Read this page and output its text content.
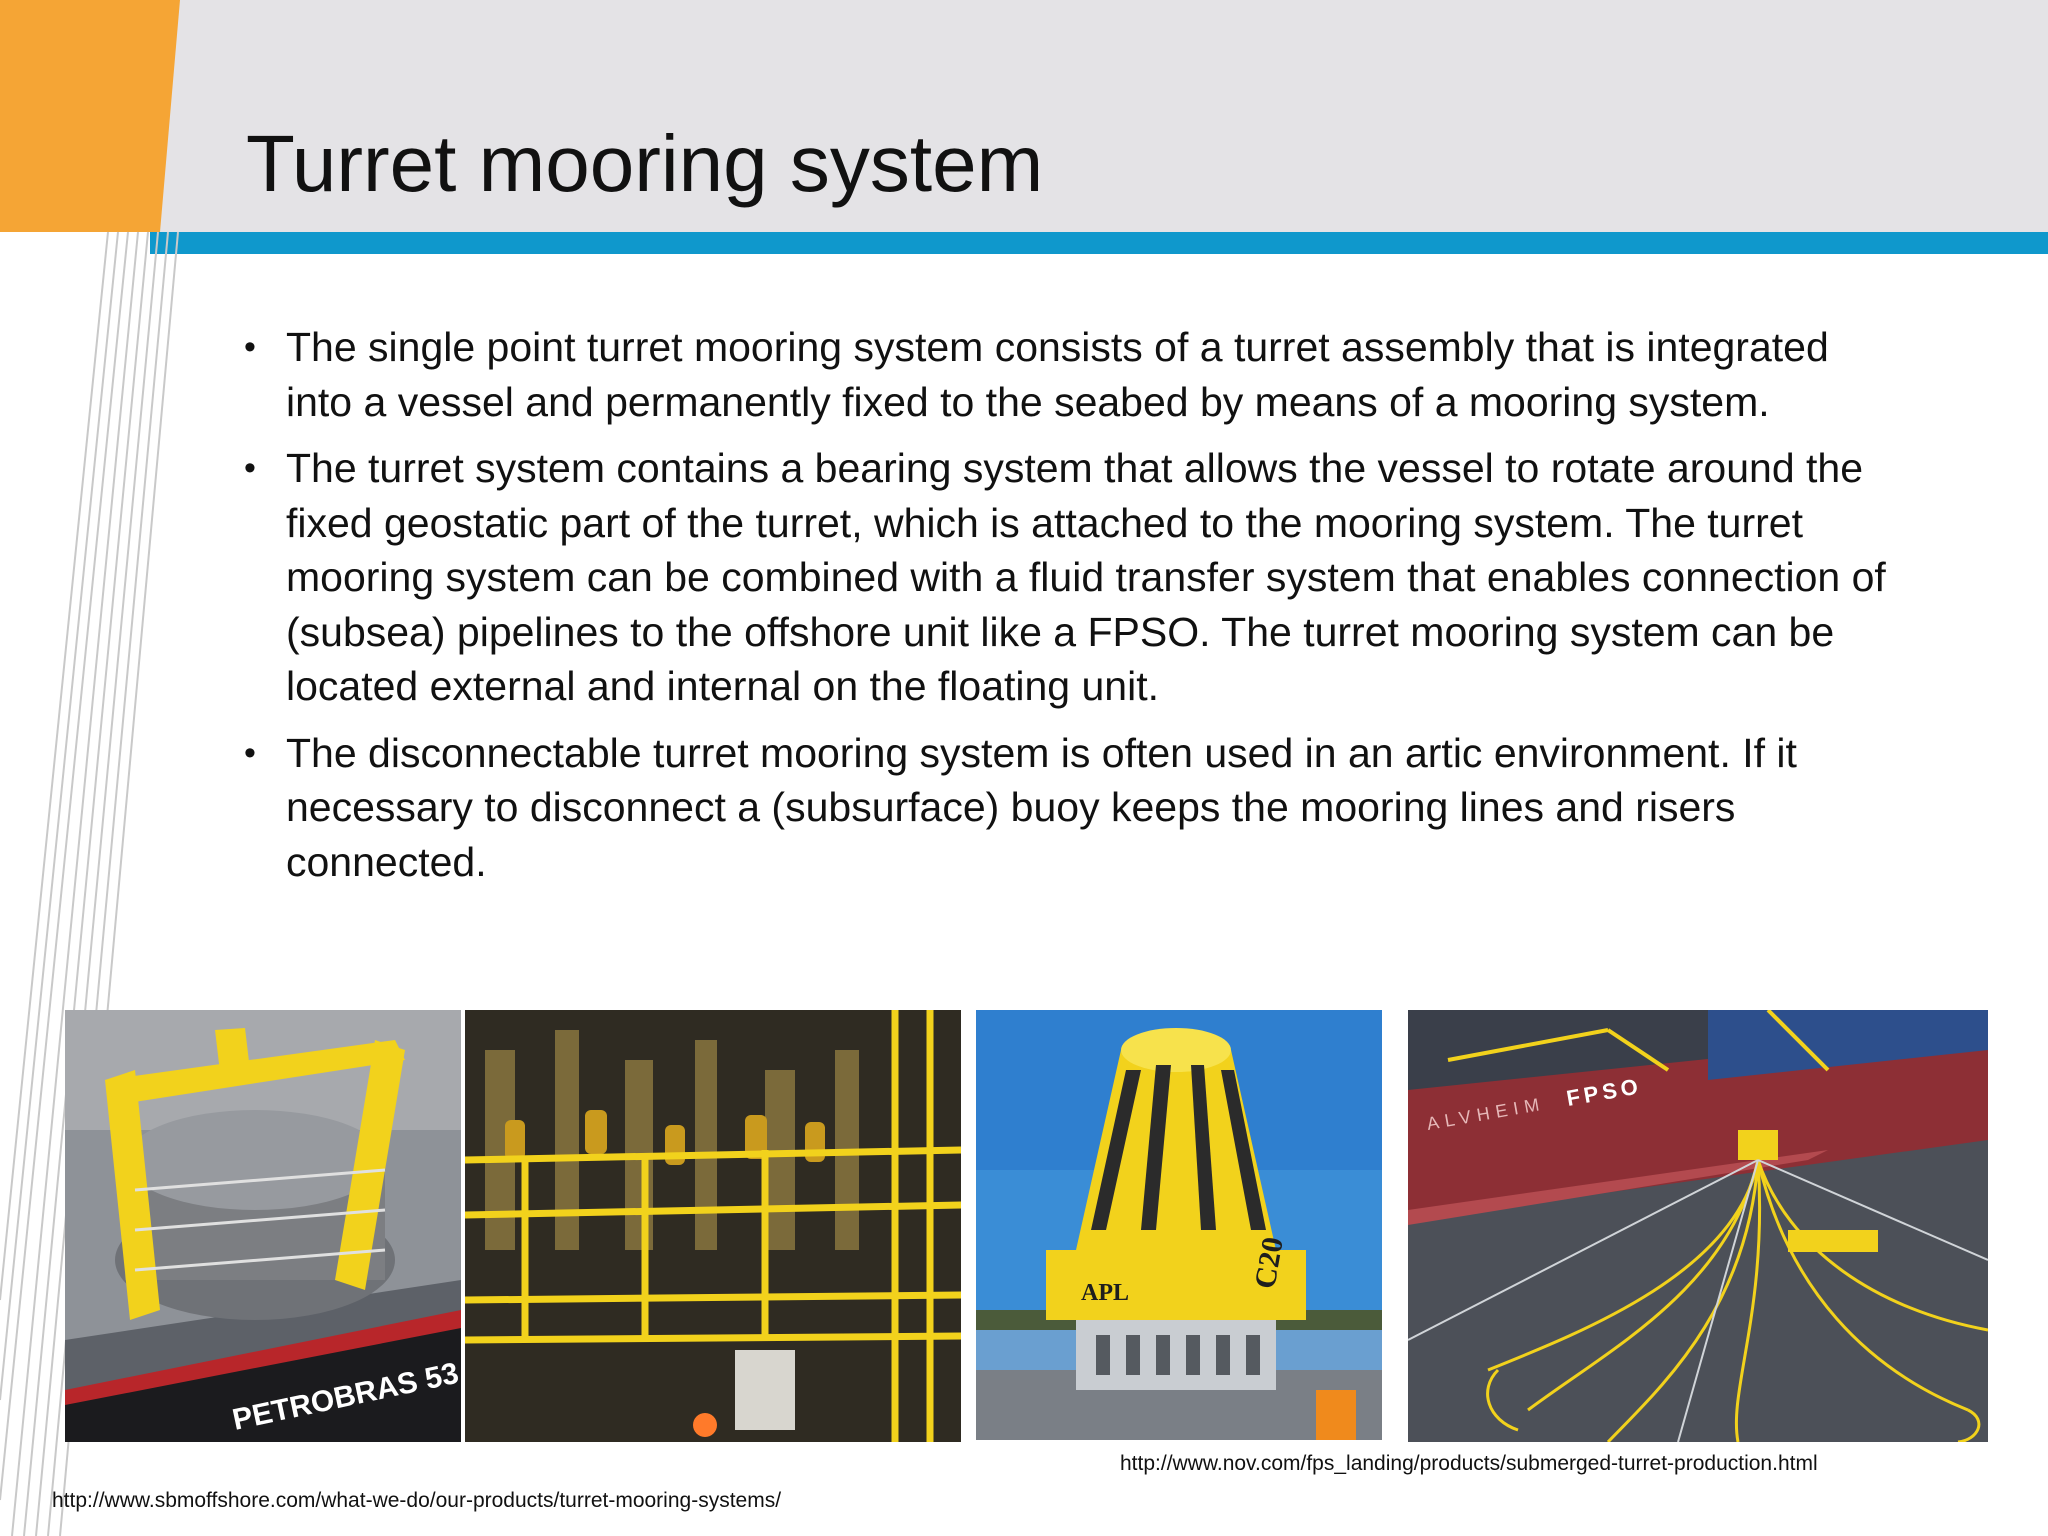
Turret mooring system
• The single point turret mooring system consists of a turret assembly that is integrated into a vessel and permanently fixed to the seabed by means of a mooring system.
• The turret system contains a bearing system that allows the vessel to rotate around the fixed geostatic part of the turret, which is attached to the mooring system. The turret mooring system can be combined with a fluid transfer system that enables connection of (subsea) pipelines to the offshore unit like a FPSO. The turret mooring system can be located external and internal on the floating unit.
• The disconnectable turret mooring system is often used in an artic environment. If it necessary to disconnect a (subsurface) buoy keeps the mooring lines and risers connected.
PETROBRAS 53
APL
C20
ALVHEIM
FPSO
http://www.nov.com/fps_landing/products/submerged-turret-production.html
http://www.sbmoffshore.com/what-we-do/our-products/turret-mooring-systems/
